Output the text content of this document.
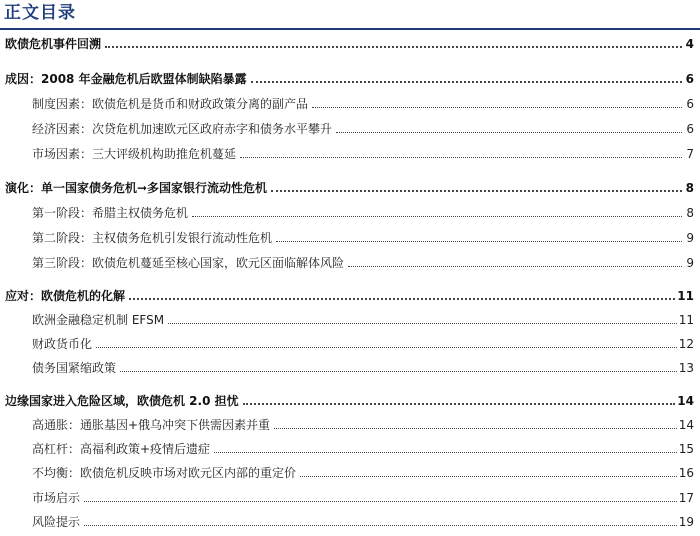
正文目录
欧债危机事件回溯	4
成因：2008 年金融危机后欧盟体制缺陷暴露	6
制度因素：欧债危机是货币和财政政策分离的副产品	6
经济因素：次贷危机加速欧元区政府赤字和债务水平攀升	6
市场因素：三大评级机构助推危机蔓延	7
演化：单一国家债务危机➞多国家银行流动性危机	8
第一阶段：希腊主权债务危机	8
第二阶段：主权债务危机引发银行流动性危机	9
第三阶段：欧债危机蔓延至核心国家，欧元区面临解体风险	9
应对：欧债危机的化解	11
欧洲金融稳定机制 EFSM	11
财政货币化	12
债务国紧缩政策	13
边缘国家进入危险区域，欧债危机 2.0 担忧	14
高通胀：通胀基因+俄乌冲突下供需因素并重	14
高杠杆：高福利政策+疫情后遗症	15
不均衡：欧债危机反映市场对欧元区内部的重定价	16
市场启示	17
风险提示	19
